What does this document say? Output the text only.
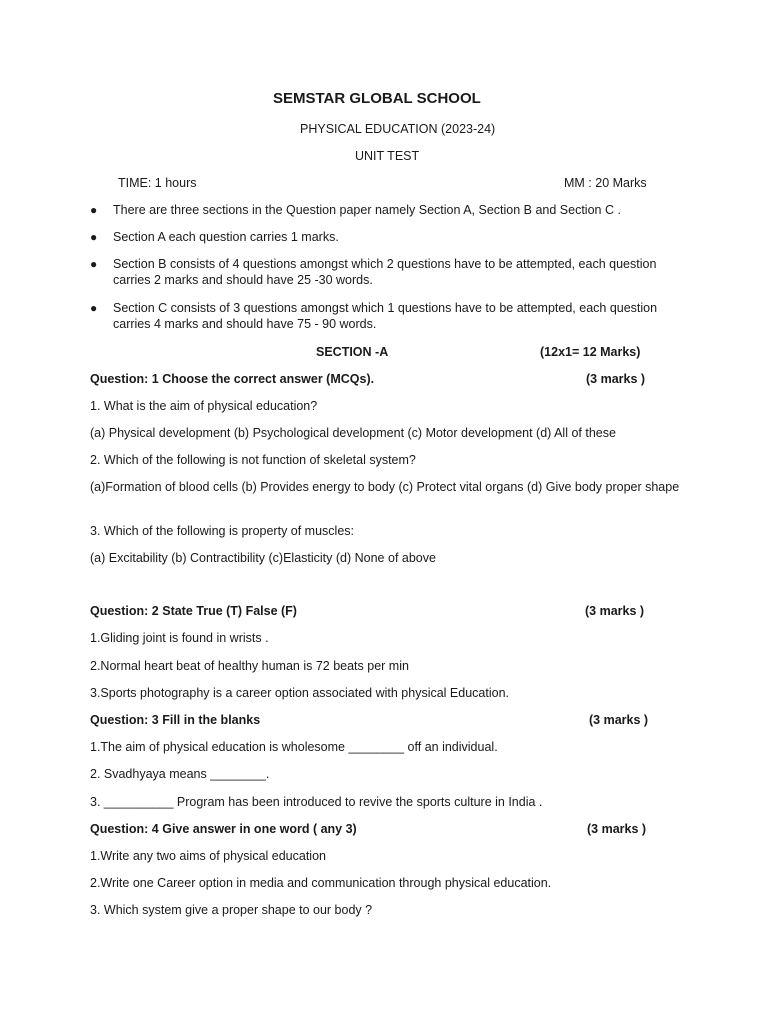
SEMSTAR GLOBAL SCHOOL
PHYSICAL EDUCATION (2023-24)
UNIT TEST
TIME: 1 hours	MM : 20 Marks
● There are three sections in the Question paper namely Section A, Section B and Section C .
● Section A each question carries 1 marks.
● Section B consists of 4 questions amongst which 2 questions have to be attempted, each question carries 2 marks and should have 25 -30 words.
● Section C consists of 3 questions amongst which 1 questions have to be attempted, each question carries 4 marks and should have 75 - 90 words.
SECTION -A	(12x1= 12 Marks)
Question: 1 Choose the correct answer (MCQs).	(3 marks )
1. What is the aim of physical education?
(a) Physical development (b) Psychological development (c) Motor development (d) All of these
2. Which of the following is not function of skeletal system?
(a)Formation of blood cells (b) Provides energy to body (c) Protect vital organs (d) Give body proper shape
3. Which of the following is property of muscles:
(a) Excitability (b) Contractibility (c)Elasticity (d) None of above
Question: 2 State True (T) False (F)	(3 marks )
1.Gliding joint is found in wrists .
2.Normal heart beat of healthy human is 72 beats per min
3.Sports photography is a career option associated with physical Education.
Question: 3 Fill in the blanks	(3 marks )
1.The aim of physical education is wholesome ________ off an individual.
2. Svadhyaya means ________.
3. __________ Program has been introduced to revive the sports culture in India .
Question: 4 Give answer in one word ( any 3)	(3 marks )
1.Write any two aims of physical education
2.Write one Career option in media and communication through physical education.
3. Which system give a proper shape to our body ?
